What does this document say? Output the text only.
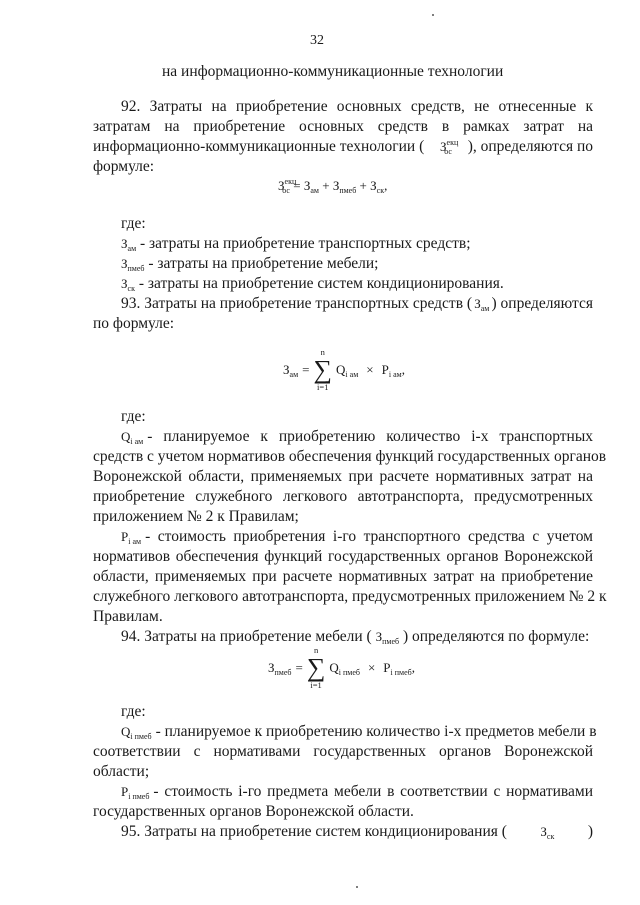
32
на информационно-коммуникационные технологии
92. Затраты на приобретение основных средств, не отнесенные к
затратам на приобретение основных средств в рамках затрат на
информационно-коммуникационные технологии ( $З^{екц}_{ос}$ ), определяются по
формуле:
$З^{екц}_{ос} = З_{ам} + З_{пмеб} + З_{ск}$,
где:
$З_{ам}$ - затраты на приобретение транспортных средств;
$З_{пмеб}$ - затраты на приобретение мебели;
$З_{ск}$ - затраты на приобретение систем кондиционирования.
93. Затраты на приобретение транспортных средств ( $З_{ам}$ ) определяются
по формуле:
$З_{ам}$ =
n
∑
i=1
$Q_{i ам} \times P_{i ам}$,
где:
$Q_{i ам}$ - планируемое к приобретению количество i-х транспортных
средств с учетом нормативов обеспечения функций государственных органов
Воронежской области, применяемых при расчете нормативных затрат на
приобретение служебного легкового автотранспорта, предусмотренных
приложением № 2 к Правилам;
$P_{i ам}$ - стоимость приобретения i-го транспортного средства с учетом
нормативов обеспечения функций государственных органов Воронежской
области, применяемых при расчете нормативных затрат на приобретение
служебного легкового автотранспорта, предусмотренных приложением № 2 к
Правилам.
94. Затраты на приобретение мебели ( $З_{пмеб}$ ) определяются по формуле:
$З_{пмеб}$ =
n
∑
i=1
$Q_{i пмеб} \times P_{i пмеб}$,
где:
$Q_{i пмеб}$ - планируемое к приобретению количество i-х предметов мебели в
соответствии с нормативами государственных органов Воронежской
области;
$P_{i пмеб}$ - стоимость i-го предмета мебели в соответствии с нормативами
государственных органов Воронежской области.
95. Затраты на приобретение систем кондиционирования (	$З_{ск}$ )
